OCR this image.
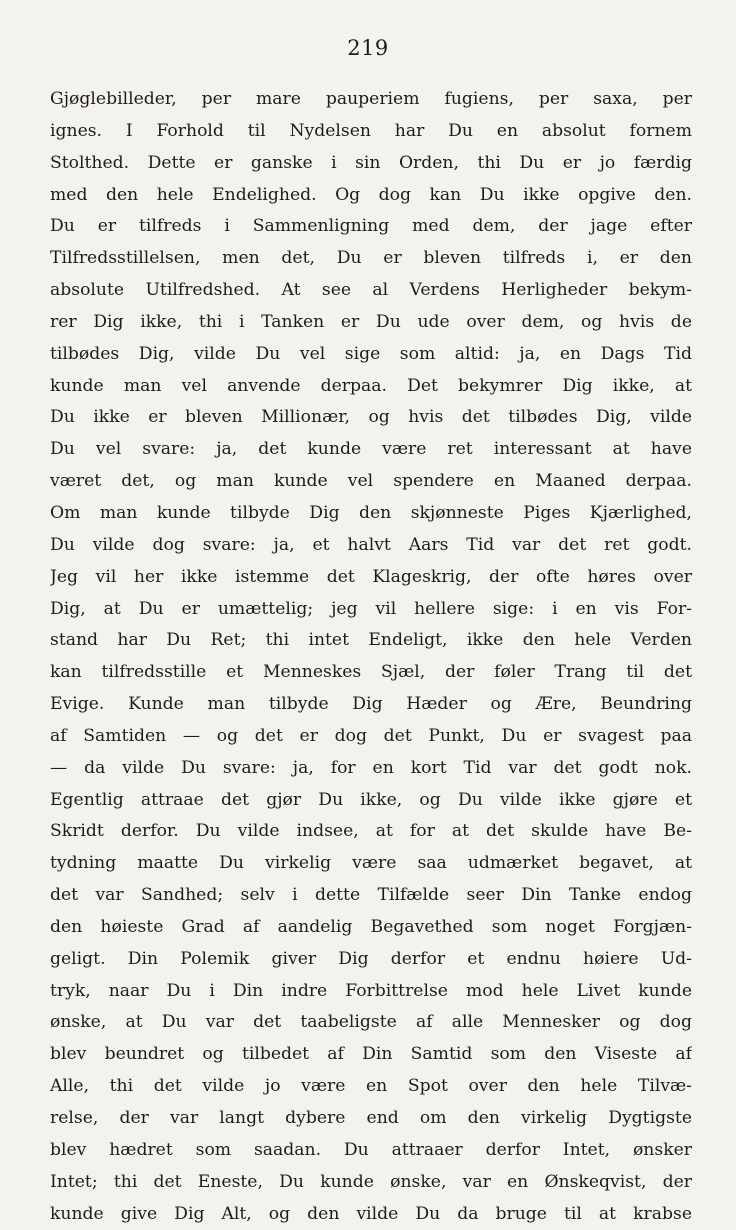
219
Gjøglebilleder, per mare pauperiem fugiens, per saxa, per
ignes. I Forhold til Nydelsen har Du en absolut fornem
Stolthed. Dette er ganske i sin Orden, thi Du er jo færdig
med den hele Endelighed. Og dog kan Du ikke opgive den.
Du er tilfreds i Sammenligning med dem, der jage efter
Tilfredsstillelsen, men det, Du er bleven tilfreds i, er den
absolute Utilfredshed. At see al Verdens Herligheder bekym-
rer Dig ikke, thi i Tanken er Du ude over dem, og hvis de
tilbødes Dig, vilde Du vel sige som altid: ja, en Dags Tid
kunde man vel anvende derpaa. Det bekymrer Dig ikke, at
Du ikke er bleven Millionær, og hvis det tilbødes Dig, vilde
Du vel svare: ja, det kunde være ret interessant at have
været det, og man kunde vel spendere en Maaned derpaa.
Om man kunde tilbyde Dig den skjønneste Piges Kjærlighed,
Du vilde dog svare: ja, et halvt Aars Tid var det ret godt.
Jeg vil her ikke istemme det Klageskrig, der ofte høres over
Dig, at Du er umættelig; jeg vil hellere sige: i en vis For-
stand har Du Ret; thi intet Endeligt, ikke den hele Verden
kan tilfredsstille et Menneskes Sjæl, der føler Trang til det
Evige. Kunde man tilbyde Dig Hæder og Ære, Beundring
af Samtiden — og det er dog det Punkt, Du er svagest paa
— da vilde Du svare: ja, for en kort Tid var det godt nok.
Egentlig attraae det gjør Du ikke, og Du vilde ikke gjøre et
Skridt derfor. Du vilde indsee, at for at det skulde have Be-
tydning maatte Du virkelig være saa udmærket begavet, at
det var Sandhed; selv i dette Tilfælde seer Din Tanke endog
den høieste Grad af aandelig Begavethed som noget Forgjæn-
geligt. Din Polemik giver Dig derfor et endnu høiere Ud-
tryk, naar Du i Din indre Forbittrelse mod hele Livet kunde
ønske, at Du var det taabeligste af alle Mennesker og dog
blev beundret og tilbedet af Din Samtid som den Viseste af
Alle, thi det vilde jo være en Spot over den hele Tilvæ-
relse, der var langt dybere end om den virkelig Dygtigste
blev hædret som saadan. Du attraaer derfor Intet, ønsker
Intet; thi det Eneste, Du kunde ønske, var en Ønskeqvist, der
kunde give Dig Alt, og den vilde Du da bruge til at krabse
